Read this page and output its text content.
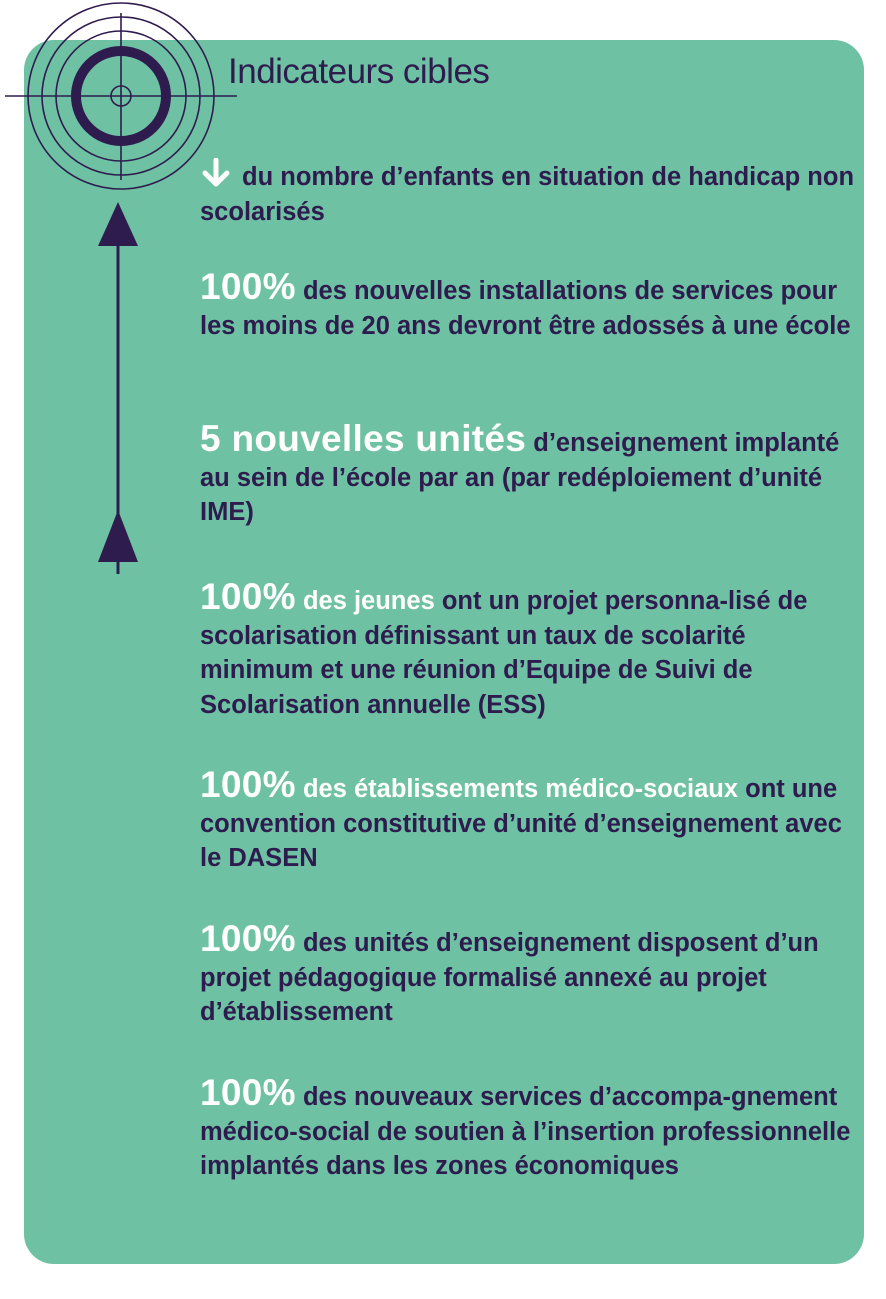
Indicateurs cibles

du nombre d’enfants en situation de handicap non scolarisés

100% des nouvelles installations de services pour les moins de 20 ans devront être adossés à une école

5 nouvelles unités d’enseignement implanté au sein de l’école par an (par redéploiement d’unité IME)

100% des jeunes ont un projet personna-lisé de scolarisation définissant un taux de scolarité minimum et une réunion d’Equipe de Suivi de Scolarisation annuelle (ESS)

100% des établissements médico-sociaux ont une convention constitutive d’unité d’enseignement avec le DASEN

100% des unités d’enseignement disposent d’un projet pédagogique formalisé annexé au projet d’établissement

100% des nouveaux services d’accompa-gnement médico-social de soutien à l’insertion professionnelle implantés dans les zones économiques
